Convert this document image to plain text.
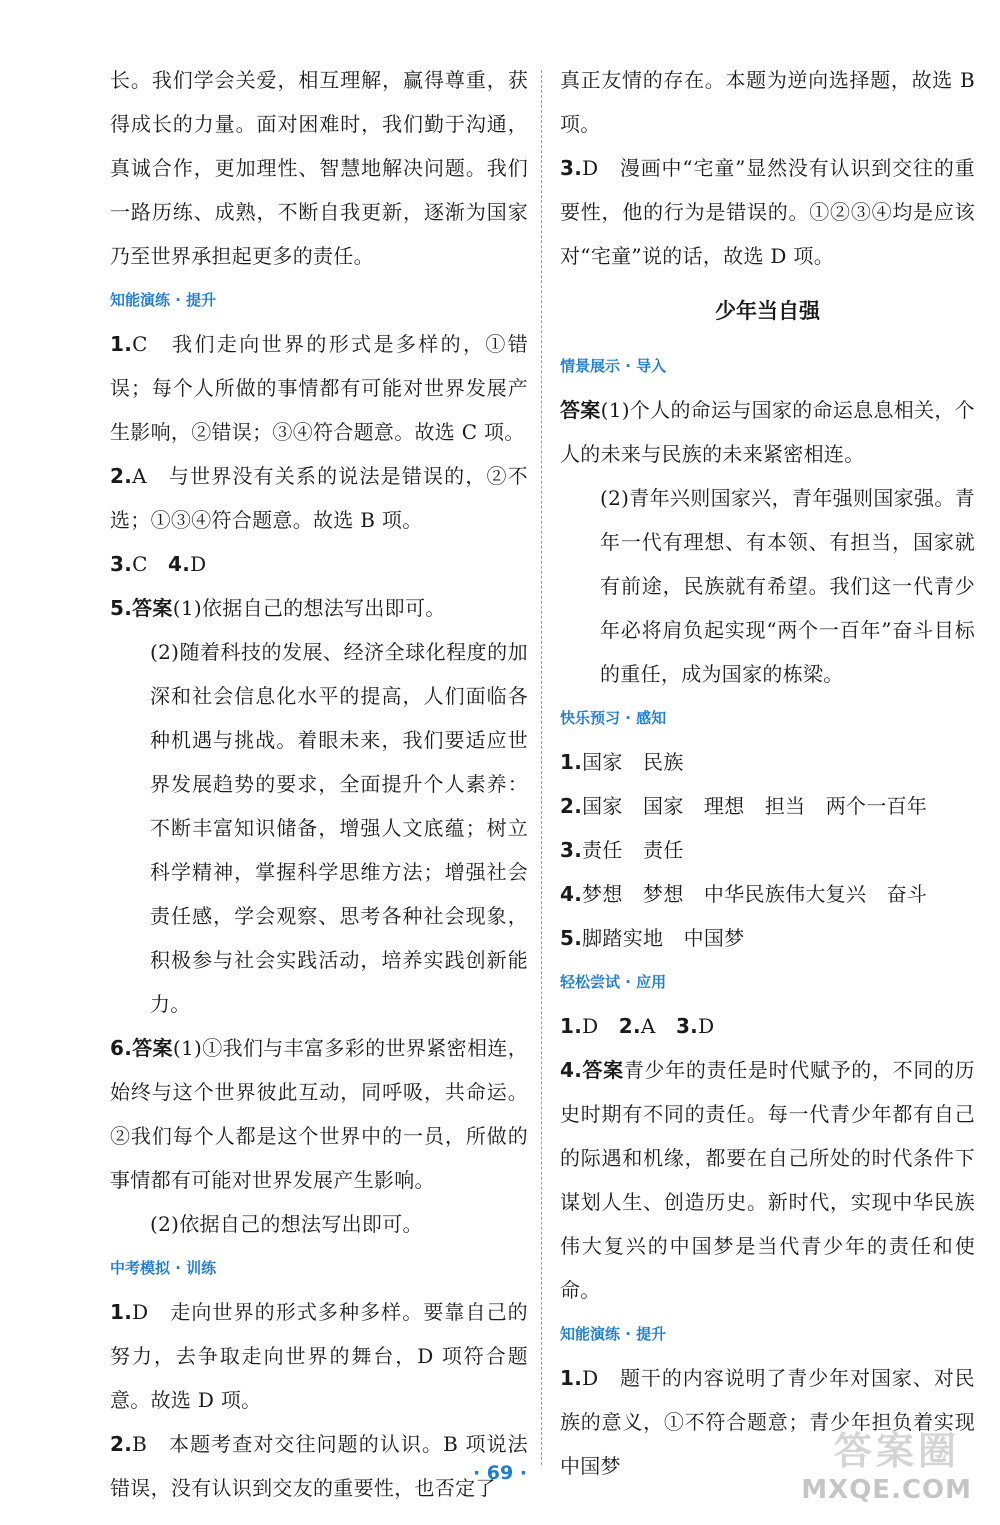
长。我们学会关爱，相互理解，赢得尊重，获得成长的力量。面对困难时，我们勤于沟通，真诚合作，更加理性、智慧地解决问题。我们一路历练、成熟，不断自我更新，逐渐为国家乃至世界承担起更多的责任。

知能演练 · 提升

1.C　我们走向世界的形式是多样的，①错误；每个人所做的事情都有可能对世界发展产生影响，②错误；③④符合题意。故选 C 项。

2.A　与世界没有关系的说法是错误的，②不选；①③④符合题意。故选 B 项。

3.C　4.D

5.答案(1)依据自己的想法写出即可。

(2)随着科技的发展、经济全球化程度的加深和社会信息化水平的提高，人们面临各种机遇与挑战。着眼未来，我们要适应世界发展趋势的要求，全面提升个人素养：不断丰富知识储备，增强人文底蕴；树立科学精神，掌握科学思维方法；增强社会责任感，学会观察、思考各种社会现象，积极参与社会实践活动，培养实践创新能力。

6.答案(1)①我们与丰富多彩的世界紧密相连，始终与这个世界彼此互动，同呼吸，共命运。②我们每个人都是这个世界中的一员，所做的事情都有可能对世界发展产生影响。

(2)依据自己的想法写出即可。

中考模拟 · 训练

1.D　走向世界的形式多种多样。要靠自己的努力，去争取走向世界的舞台，D 项符合题意。故选 D 项。

2.B　本题考查对交往问题的认识。B 项说法错误，没有认识到交友的重要性，也否定了

真正友情的存在。本题为逆向选择题，故选 B 项。

3.D　漫画中“宅童”显然没有认识到交往的重要性，他的行为是错误的。①②③④均是应该对“宅童”说的话，故选 D 项。

少年当自强

情景展示 · 导入

答案(1)个人的命运与国家的命运息息相关，个人的未来与民族的未来紧密相连。

(2)青年兴则国家兴，青年强则国家强。青年一代有理想、有本领、有担当，国家就有前途，民族就有希望。我们这一代青少年必将肩负起实现“两个一百年”奋斗目标的重任，成为国家的栋梁。

快乐预习 · 感知

1.国家　民族

2.国家　国家　理想　担当　两个一百年

3.责任　责任

4.梦想　梦想　中华民族伟大复兴　奋斗

5.脚踏实地　中国梦

轻松尝试 · 应用

1.D　2.A　3.D

4.答案青少年的责任是时代赋予的，不同的历史时期有不同的责任。每一代青少年都有自己的际遇和机缘，都要在自己所处的时代条件下谋划人生、创造历史。新时代，实现中华民族伟大复兴的中国梦是当代青少年的责任和使命。

知能演练 · 提升

1.D　题干的内容说明了青少年对国家、对民族的意义，①不符合题意；青少年担负着实现中国梦

· 69 ·	答案圈
MXQE.COM
